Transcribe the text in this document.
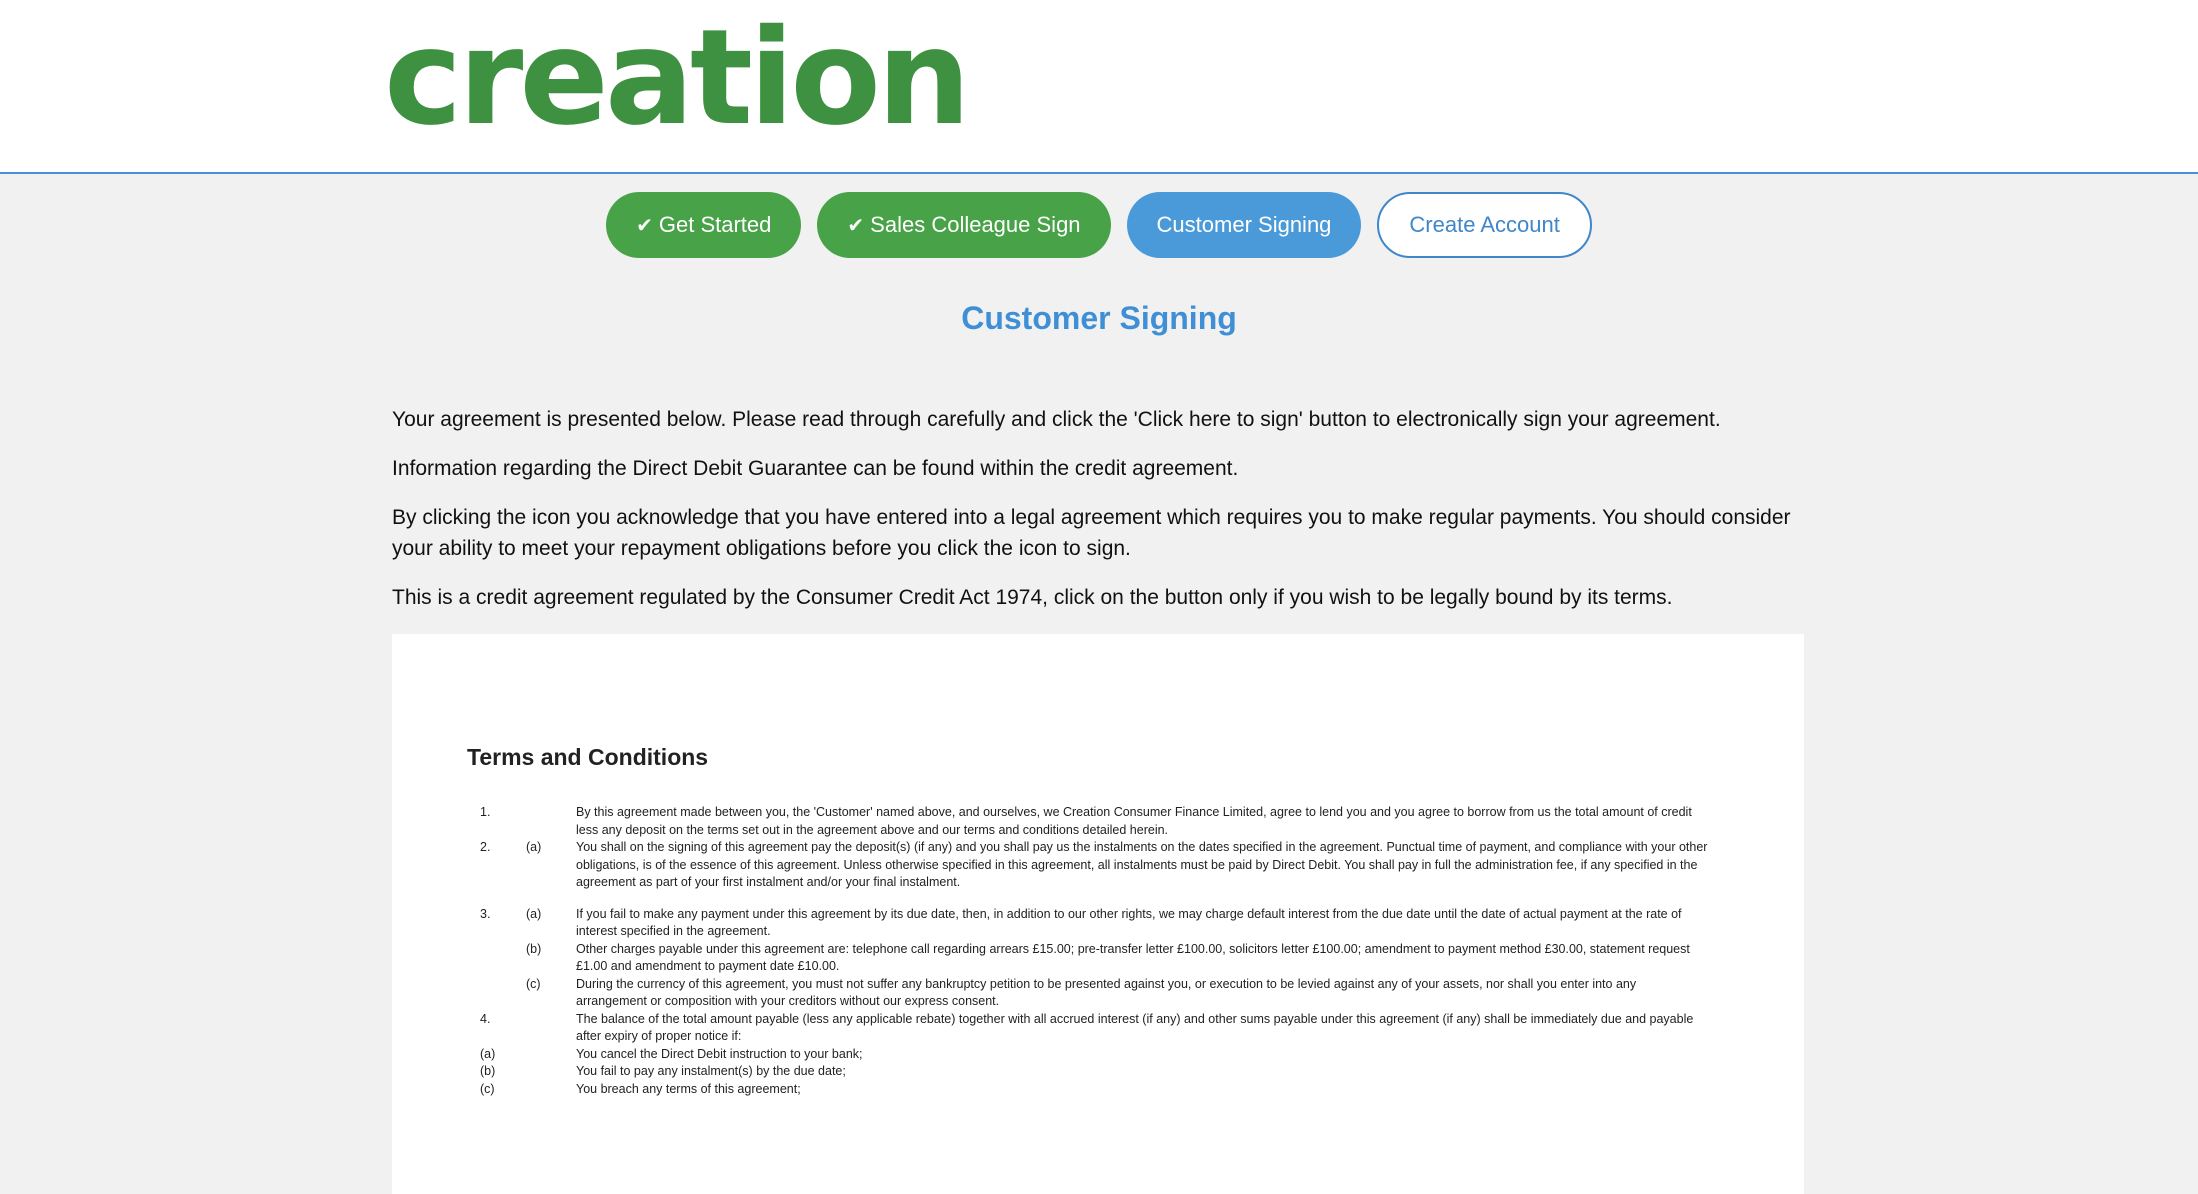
creation
✔ Get Started	✔ Sales Colleague Sign	Customer Signing	Create Account
Customer Signing

Your agreement is presented below. Please read through carefully and click the 'Click here to sign' button to electronically sign your agreement.

Information regarding the Direct Debit Guarantee can be found within the credit agreement.

By clicking the icon you acknowledge that you have entered into a legal agreement which requires you to make regular payments. You should consider your ability to meet your repayment obligations before you click the icon to sign.

This is a credit agreement regulated by the Consumer Credit Act 1974, click on the button only if you wish to be legally bound by its terms.

Terms and Conditions
1.	By this agreement made between you, the 'Customer' named above, and ourselves, we Creation Consumer Finance Limited, agree to lend you and you agree to borrow from us the total amount of credit less any deposit on the terms set out in the agreement above and our terms and conditions detailed herein.
2.	(a)	You shall on the signing of this agreement pay the deposit(s) (if any) and you shall pay us the instalments on the dates specified in the agreement. Punctual time of payment, and compliance with your other obligations, is of the essence of this agreement. Unless otherwise specified in this agreement, all instalments must be paid by Direct Debit. You shall pay in full the administration fee, if any specified in the agreement as part of your first instalment and/or your final instalment.
3.	(a)	If you fail to make any payment under this agreement by its due date, then, in addition to our other rights, we may charge default interest from the due date until the date of actual payment at the rate of interest specified in the agreement.
(b)	Other charges payable under this agreement are: telephone call regarding arrears £15.00; pre-transfer letter £100.00, solicitors letter £100.00; amendment to payment method £30.00, statement request £1.00 and amendment to payment date £10.00.
(c)	During the currency of this agreement, you must not suffer any bankruptcy petition to be presented against you, or execution to be levied against any of your assets, nor shall you enter into any arrangement or composition with your creditors without our express consent.
4.	The balance of the total amount payable (less any applicable rebate) together with all accrued interest (if any) and other sums payable under this agreement (if any) shall be immediately due and payable after expiry of proper notice if:
(a)	You cancel the Direct Debit instruction to your bank;
(b)	You fail to pay any instalment(s) by the due date;
(c)	You breach any terms of this agreement;
